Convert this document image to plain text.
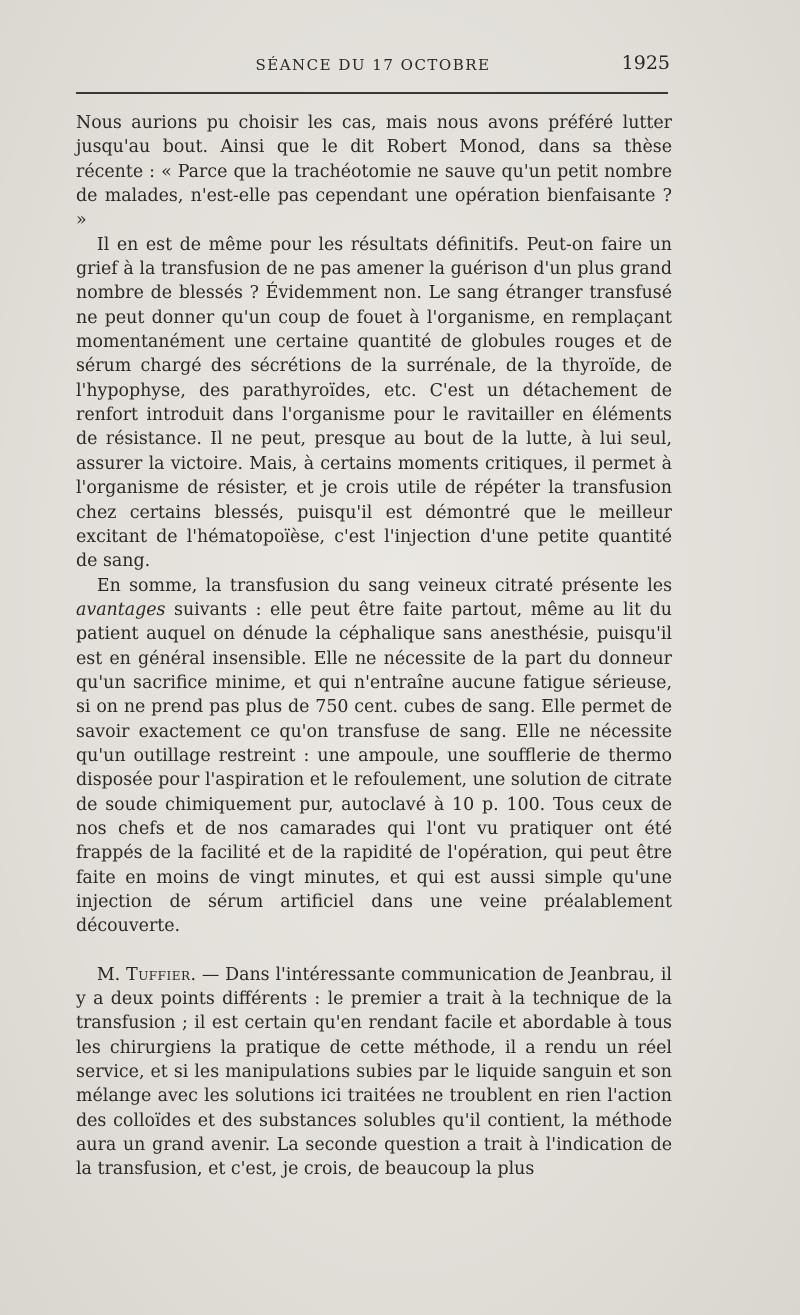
SÉANCE DU 17 OCTOBRE	1925

Nous aurions pu choisir les cas, mais nous avons préféré lutter jusqu'au bout. Ainsi que le dit Robert Monod, dans sa thèse récente : « Parce que la trachéotomie ne sauve qu'un petit nombre de malades, n'est-elle pas cependant une opération bienfaisante ? »

Il en est de même pour les résultats définitifs. Peut-on faire un grief à la transfusion de ne pas amener la guérison d'un plus grand nombre de blessés ? Évidemment non. Le sang étranger transfusé ne peut donner qu'un coup de fouet à l'organisme, en remplaçant momentanément une certaine quantité de globules rouges et de sérum chargé des sécrétions de la surrénale, de la thyroïde, de l'hypophyse, des parathyroïdes, etc. C'est un détachement de renfort introduit dans l'organisme pour le ravitailler en éléments de résistance. Il ne peut, presque au bout de la lutte, à lui seul, assurer la victoire. Mais, à certains moments critiques, il permet à l'organisme de résister, et je crois utile de répéter la transfusion chez certains blessés, puisqu'il est démontré que le meilleur excitant de l'hématopoïèse, c'est l'injection d'une petite quantité de sang.

En somme, la transfusion du sang veineux citraté présente les avantages suivants : elle peut être faite partout, même au lit du patient auquel on dénude la céphalique sans anesthésie, puisqu'il est en général insensible. Elle ne nécessite de la part du donneur qu'un sacrifice minime, et qui n'entraîne aucune fatigue sérieuse, si on ne prend pas plus de 750 cent. cubes de sang. Elle permet de savoir exactement ce qu'on transfuse de sang. Elle ne nécessite qu'un outillage restreint : une ampoule, une soufflerie de thermo disposée pour l'aspiration et le refoulement, une solution de citrate de soude chimiquement pur, autoclavé à 10 p. 100. Tous ceux de nos chefs et de nos camarades qui l'ont vu pratiquer ont été frappés de la facilité et de la rapidité de l'opération, qui peut être faite en moins de vingt minutes, et qui est aussi simple qu'une injection de sérum artificiel dans une veine préalablement découverte.

M. Tuffier. — Dans l'intéressante communication de Jeanbrau, il y a deux points différents : le premier a trait à la technique de la transfusion ; il est certain qu'en rendant facile et abordable à tous les chirurgiens la pratique de cette méthode, il a rendu un réel service, et si les manipulations subies par le liquide sanguin et son mélange avec les solutions ici traitées ne troublent en rien l'action des colloïdes et des substances solubles qu'il contient, la méthode aura un grand avenir. La seconde question a trait à l'indication de la transfusion, et c'est, je crois, de beaucoup la plus
